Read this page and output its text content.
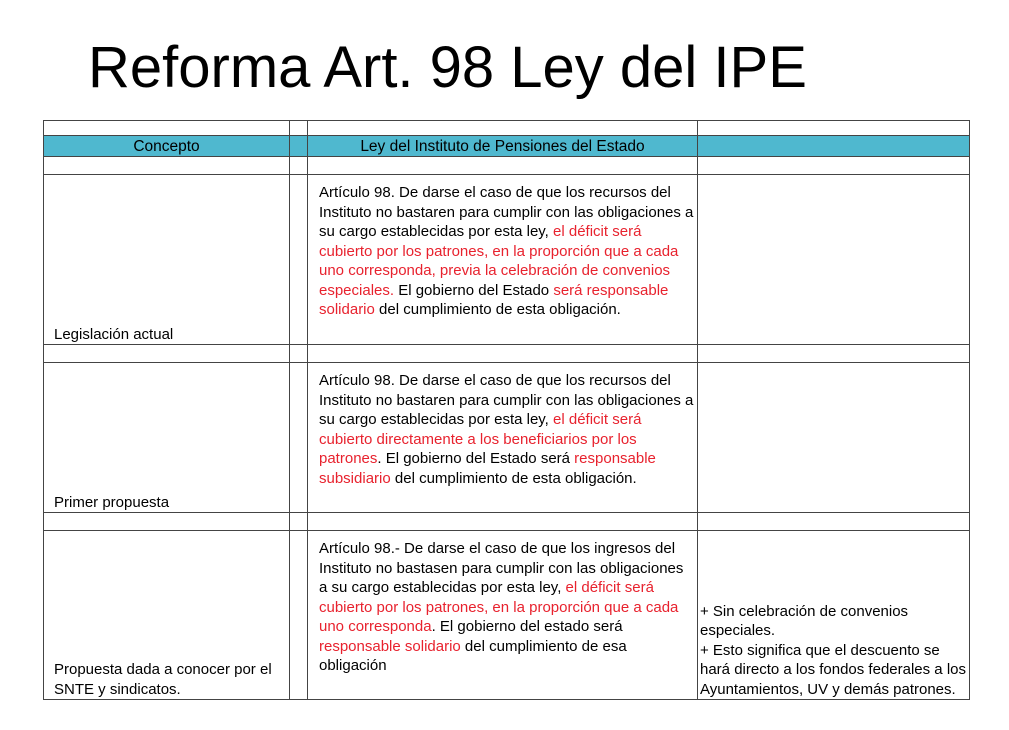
Reforma Art. 98 Ley del IPE

Concepto		Ley del Instituto de Pensiones del Estado	

Legislación actual		Artículo 98. De darse el caso de que los recursos del Instituto no bastaren para cumplir con las obligaciones a su cargo establecidas por esta ley, el déficit será cubierto por los patrones, en la proporción que a cada uno corresponda, previa la celebración de convenios especiales. El gobierno del Estado será responsable solidario del cumplimiento de esta obligación.	

Primer propuesta		Artículo 98. De darse el caso de que los recursos del Instituto no bastaren para cumplir con las obligaciones a su cargo establecidas por esta ley, el déficit será cubierto directamente a los beneficiarios por los patrones. El gobierno del Estado será responsable subsidiario del cumplimiento de esta obligación.	

Propuesta dada a conocer por el SNTE y sindicatos.		Artículo 98.- De darse el caso de que los ingresos del Instituto no bastasen para cumplir con las obligaciones a su cargo establecidas por esta ley, el déficit será cubierto por los patrones, en la proporción que a cada uno corresponda. El gobierno del estado será responsable solidario del cumplimiento de esa obligación	+ Sin celebración de convenios especiales.
+ Esto significa que el descuento se hará directo a los fondos federales a los Ayuntamientos, UV y demás patrones.
